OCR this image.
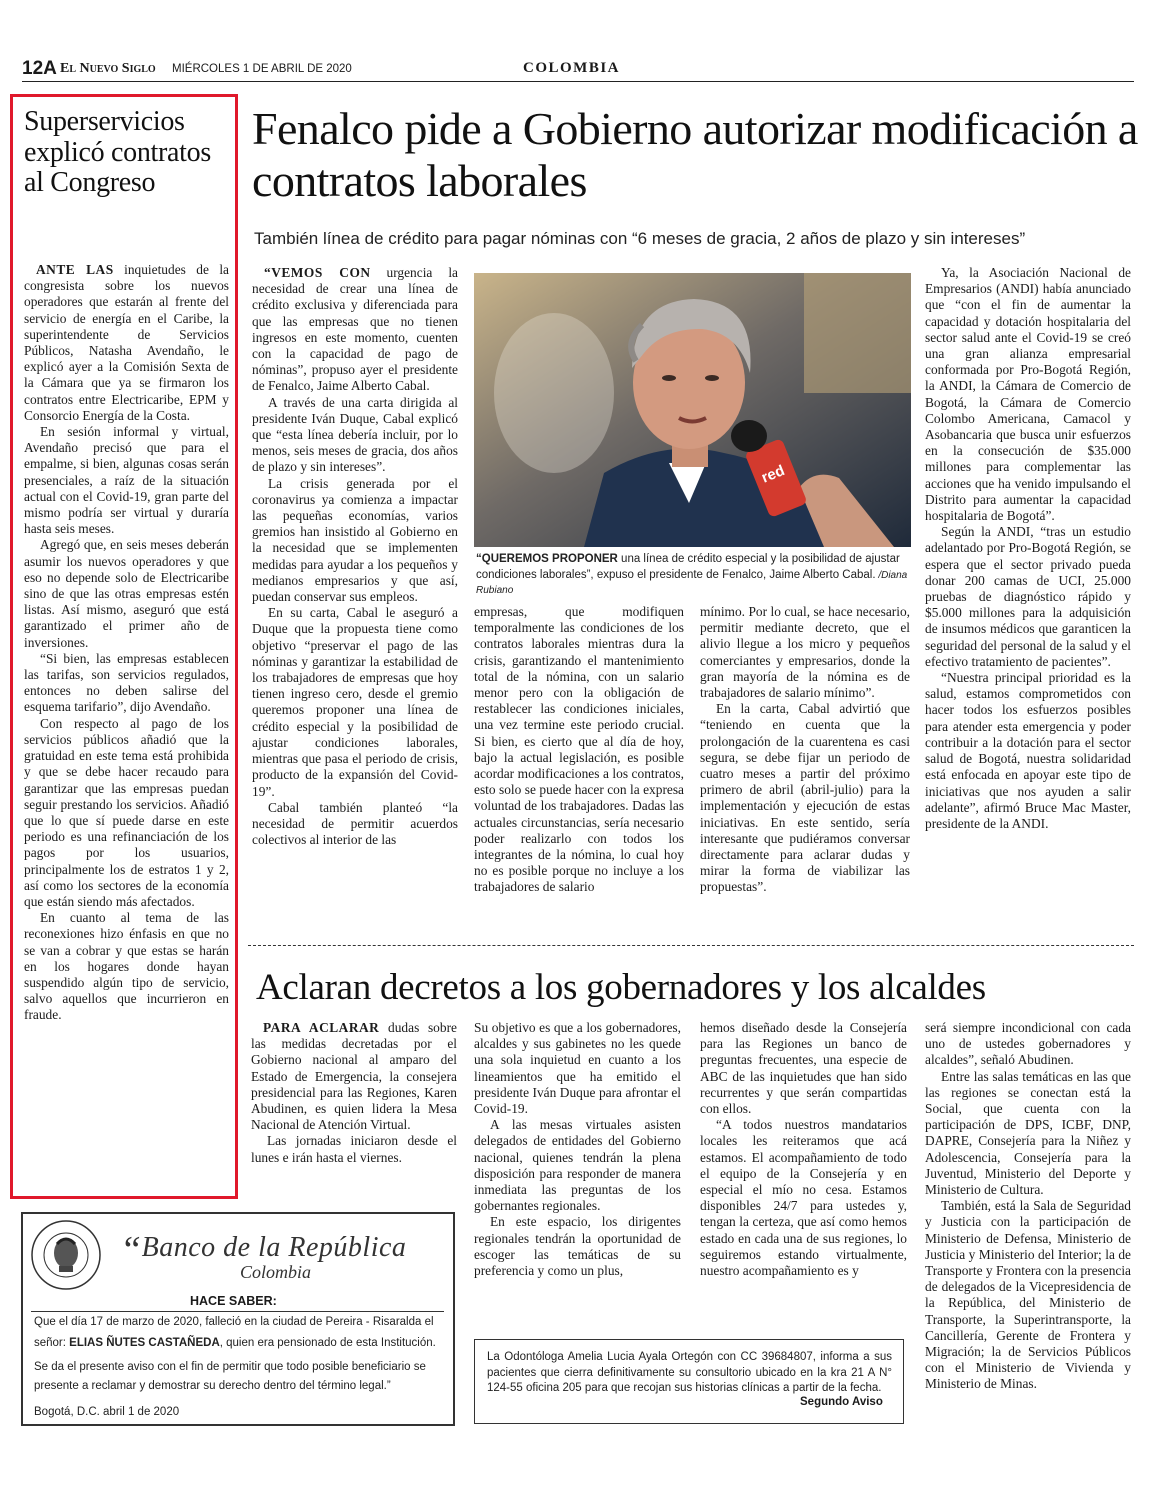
12A El Nuevo Siglo MIÉRCOLES 1 DE ABRIL DE 2020	COLOMBIA
Superservicios explicó contratos al Congreso

ANTE LAS inquietudes de la congresista sobre los nuevos operadores que estarán al frente del servicio de energía en el Caribe, la superintendente de Servicios Públicos, Natasha Avendaño, le explicó ayer a la Comisión Sexta de la Cámara que ya se firmaron los contratos entre Electricaribe, EPM y Consorcio Energía de la Costa.

En sesión informal y virtual, Avendaño precisó que para el empalme, si bien, algunas cosas serán presenciales, a raíz de la situación actual con el Covid-19, gran parte del mismo podría ser virtual y duraría hasta seis meses.

Agregó que, en seis meses deberán asumir los nuevos operadores y que eso no depende solo de Electricaribe sino de que las otras empresas estén listas. Así mismo, aseguró que está garantizado el primer año de inversiones.

“Si bien, las empresas establecen las tarifas, son servicios regulados, entonces no deben salirse del esquema tarifario”, dijo Avendaño.

Con respecto al pago de los servicios públicos añadió que la gratuidad en este tema está prohibida y que se debe hacer recaudo para garantizar que las empresas puedan seguir prestando los servicios. Añadió que lo que sí puede darse en este periodo es una refinanciación de los pagos por los usuarios, principalmente los de estratos 1 y 2, así como los sectores de la economía que están siendo más afectados.

En cuanto al tema de las reconexiones hizo énfasis en que no se van a cobrar y que estas se harán en los hogares donde hayan suspendido algún tipo de servicio, salvo aquellos que incurrieron en fraude.

Fenalco pide a Gobierno autorizar modificación a contratos laborales
También línea de crédito para pagar nóminas con “6 meses de gracia, 2 años de plazo y sin intereses”
red
“QUEREMOS PROPONER una línea de crédito especial y la posibilidad de ajustar condiciones laborales”, expuso el presidente de Fenalco, Jaime Alberto Cabal. /Diana Rubiano

“VEMOS CON urgencia la necesidad de crear una línea de crédito exclusiva y diferenciada para que las empresas que no tienen ingresos en este momento, cuenten con la capacidad de pago de nóminas”, propuso ayer el presidente de Fenalco, Jaime Alberto Cabal.

A través de una carta dirigida al presidente Iván Duque, Cabal explicó que “esta línea debería incluir, por lo menos, seis meses de gracia, dos años de plazo y sin intereses”.

La crisis generada por el coronavirus ya comienza a impactar las pequeñas economías, varios gremios han insistido al Gobierno en la necesidad que se implementen medidas para ayudar a los pequeños y medianos empresarios y que así, puedan conservar sus empleos.

En su carta, Cabal le aseguró a Duque que la propuesta tiene como objetivo “preservar el pago de las nóminas y garantizar la estabilidad de los trabajadores de empresas que hoy tienen ingreso cero, desde el gremio queremos proponer una línea de crédito especial y la posibilidad de ajustar condiciones laborales, mientras que pasa el periodo de crisis, producto de la expansión del Covid-19”.

Cabal también planteó “la necesidad de permitir acuerdos colectivos al interior de las

empresas, que modifiquen temporalmente las condiciones de los contratos laborales mientras dura la crisis, garantizando el mantenimiento total de la nómina, con un salario menor pero con la obligación de restablecer las condiciones iniciales, una vez termine este periodo crucial. Si bien, es cierto que al día de hoy, bajo la actual legislación, es posible acordar modificaciones a los contratos, esto solo se puede hacer con la expresa voluntad de los trabajadores. Dadas las actuales circunstancias, sería necesario poder realizarlo con todos los integrantes de la nómina, lo cual hoy no es posible porque no incluye a los trabajadores de salario

mínimo. Por lo cual, se hace necesario, permitir mediante decreto, que el alivio llegue a los micro y pequeños comerciantes y empresarios, donde la gran mayoría de la nómina es de trabajadores de salario mínimo”.

En la carta, Cabal advirtió que “teniendo en cuenta que la prolongación de la cuarentena es casi segura, se debe fijar un periodo de cuatro meses a partir del próximo primero de abril (abril-julio) para la implementación y ejecución de estas iniciativas. En este sentido, sería interesante que pudiéramos conversar directamente para aclarar dudas y mirar la forma de viabilizar las propuestas”.

Ya, la Asociación Nacional de Empresarios (ANDI) había anunciado que “con el fin de aumentar la capacidad y dotación hospitalaria del sector salud ante el Covid-19 se creó una gran alianza empresarial conformada por Pro-Bogotá Región, la ANDI, la Cámara de Comercio de Bogotá, la Cámara de Comercio Colombo Americana, Camacol y Asobancaria que busca unir esfuerzos en la consecución de $35.000 millones para complementar las acciones que ha venido impulsando el Distrito para aumentar la capacidad hospitalaria de Bogotá”.

Según la ANDI, “tras un estudio adelantado por Pro-Bogotá Región, se espera que el sector privado pueda donar 200 camas de UCI, 25.000 pruebas de diagnóstico rápido y $5.000 millones para la adquisición de insumos médicos que garanticen la seguridad del personal de la salud y el efectivo tratamiento de pacientes”.

“Nuestra principal prioridad es la salud, estamos comprometidos con hacer todos los esfuerzos posibles para atender esta emergencia y poder contribuir a la dotación para el sector salud de Bogotá, nuestra solidaridad está enfocada en apoyar este tipo de iniciativas que nos ayuden a salir adelante”, afirmó Bruce Mac Master, presidente de la ANDI.

Aclaran decretos a los gobernadores y los alcaldes

PARA ACLARAR dudas sobre las medidas decretadas por el Gobierno nacional al amparo del Estado de Emergencia, la consejera presidencial para las Regiones, Karen Abudinen, es quien lidera la Mesa Nacional de Atención Virtual.

Las jornadas iniciaron desde el lunes e irán hasta el viernes.

Su objetivo es que a los gobernadores, alcaldes y sus gabinetes no les quede una sola inquietud en cuanto a los lineamientos que ha emitido el presidente Iván Duque para afrontar el Covid-19.

A las mesas virtuales asisten delegados de entidades del Gobierno nacional, quienes tendrán la plena disposición para responder de manera inmediata las preguntas de los gobernantes regionales.

En este espacio, los dirigentes regionales tendrán la oportunidad de escoger las temáticas de su preferencia y como un plus,

hemos diseñado desde la Consejería para las Regiones un banco de preguntas frecuentes, una especie de ABC de las inquietudes que han sido recurrentes y que serán compartidas con ellos.

“A todos nuestros mandatarios locales les reiteramos que acá estamos. El acompañamiento de todo el equipo de la Consejería y en especial el mío no cesa. Estamos disponibles 24/7 para ustedes y, tengan la certeza, que así como hemos estado en cada una de sus regiones, lo seguiremos estando virtualmente, nuestro acompañamiento es y

será siempre incondicional con cada uno de ustedes gobernadores y alcaldes”, señaló Abudinen.

Entre las salas temáticas en las que las regiones se conectan está la Social, que cuenta con la participación de DPS, ICBF, DNP, DAPRE, Consejería para la Niñez y Adolescencia, Consejería para la Juventud, Ministerio del Deporte y Ministerio de Cultura.

También, está la Sala de Seguridad y Justicia con la participación de Ministerio de Defensa, Ministerio de Justicia y Ministerio del Interior; la de Transporte y Frontera con la presencia de delegados de la Vicepresidencia de la República, del Ministerio de Transporte, la Superintransporte, la Cancillería, Gerente de Frontera y Migración; la de Servicios Públicos con el Ministerio de Vivienda y Ministerio de Minas.

“Banco de la República
Colombia
HACE SABER:
Que el día 17 de marzo de 2020, falleció en la ciudad de Pereira - Risaralda el
señor: ELIAS ÑUTES CASTAÑEDA, quien era pensionado de esta Institución.
Se da el presente aviso con el fin de permitir que todo posible beneficiario se
presente a reclamar y demostrar su derecho dentro del término legal.”
Bogotá, D.C. abril 1 de 2020
La Odontóloga Amelia Lucia Ayala Ortegón con CC 39684807, informa a sus pacientes que cierra definitivamente su consultorio ubicado en la kra 21 A N° 124-55 oficina 205 para que recojan sus historias clínicas a partir de la fecha.
Segundo Aviso
